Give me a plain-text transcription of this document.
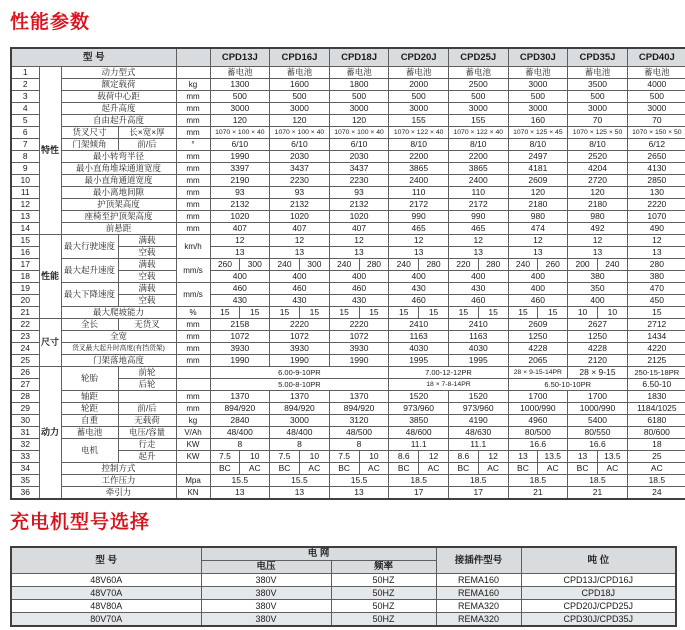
性能参数
型 号					CPD13J		CPD16J		CPD18J		CPD20J		CPD25J		CPD30J		CPD35J		CPD40J
1	特性	动力型式			蓄电池		蓄电池		蓄电池		蓄电池		蓄电池		蓄电池		蓄电池		蓄电池
2		额定载荷		kg	1300		1600		1800		2000		2500		3000		3500		4000
3		载荷中心距		mm	500		500		500		500		500		500		500		500
4		起升高度		mm	3000		3000		3000		3000		3000		3000		3000		3000
5		自由起升高度		mm	120		120		120		155		155		160		70		70
6		货叉尺寸	长×宽×厚	mm	1070 × 100 × 40		1070 × 100 × 40		1070 × 100 × 40		1070 × 122 × 40		1070 × 122 × 40		1070 × 125 × 45		1070 × 125 × 50		1070 × 150 × 50
7		门架倾角	前/后	°	6/10		6/10		6/10		8/10		8/10		8/10		8/10		6/12
8		最小转弯半径		mm	1990		2030		2030		2200		2200		2497		2520		2650
9		最小直角堆垛通道宽度		mm	3397		3437		3437		3865		3865		4181		4204		4130
10		最小直角通道宽度		mm	2190		2230		2230		2400		2400		2609		2720		2850
11		最小离地间隙		mm	93		93		93		110		110		120		120		130
12		护顶架高度		mm	2132		2132		2132		2172		2172		2180		2180		2220
13		座椅至护顶架高度		mm	1020		1020		1020		990		990		980		980		1070
14		前悬距		mm	407		407		407		465		465		474		492		490
15	性能	最大行驶速度	满载	km/h	12		12		12		12		12		12		12		12
16			空载		13		13		13		13		13		13		13		13
17		最大起升速度	满载	mm/s	260	300	240	300	240	280	240	280	220	280	240	260	200	240	280
18			空载		400		400		400		400		400		400		380		380
19		最大下降速度	满载	mm/s	460		460		460		430		430		400		350		470
20			空载		430		430		430		460		460		460		400		450
21		最大爬坡能力		%	15	15	15	15	15	15	15	15	15	15	15	15	10	10	15
22	尺寸	全长	无货叉	mm	2158		2220		2220		2410		2410		2609		2627		2712
23		全宽		mm	1072		1072		1072		1163		1163		1250		1250		1434
24		货叉最大起升时高度(有挡货架)		mm	3930		3930		3930		4030		4030		4228		4228		4220
25		门架落地高度		mm	1990		1990		1990		1995		1995		2065		2120		2125
26	动力	轮胎	前轮		6.00-9-10PR						7.00-12-12PR				28 × 9-15-14PR		28 × 9-15		250-15-18PR
27			后轮		5.00-8-10PR						18 × 7-8-14PR				6.50-10-10PR				6.50-10
28		轴距		mm	1370		1370		1370		1520		1520		1700		1700		1830
29		轮距	前/后	mm	894/920		894/920		894/920		973/960		973/960		1000/990		1000/990		1184/1025
30		自重	无载荷	kg	2840		3000		3120		3850		4190		4960		5400		6180
31		蓄电池	电压/容量	V/Ah	48/400		48/400		48/500		48/600		48/630		80/500		80/550		80/600
32		电机	行走	KW	8		8		8		11.1		11.1		16.6		16.6		18
33			起升	KW	7.5	10	7.5	10	7.5	10	8.6	12	8.6	12	13	13.5	13	13.5	25
34		控制方式			BC	AC	BC	AC	BC	AC	BC	AC	BC	AC	BC	AC	BC	AC	AC
35		工作压力		Mpa	15.5		15.5		15.5		18.5		18.5		18.5		18.5		18.5
36		牵引力		KN	13		13		13		17		17		21		21		24
充电机型号选择
型 号	电 网		接插件型号	吨 位
	电压	频率		
48V60A	380V	50HZ	REMA160	CPD13J/CPD16J
48V70A	380V	50HZ	REMA160	CPD18J
48V80A	380V	50HZ	REMA320	CPD20J/CPD25J
80V70A	380V	50HZ	REMA320	CPD30J/CPD35J
